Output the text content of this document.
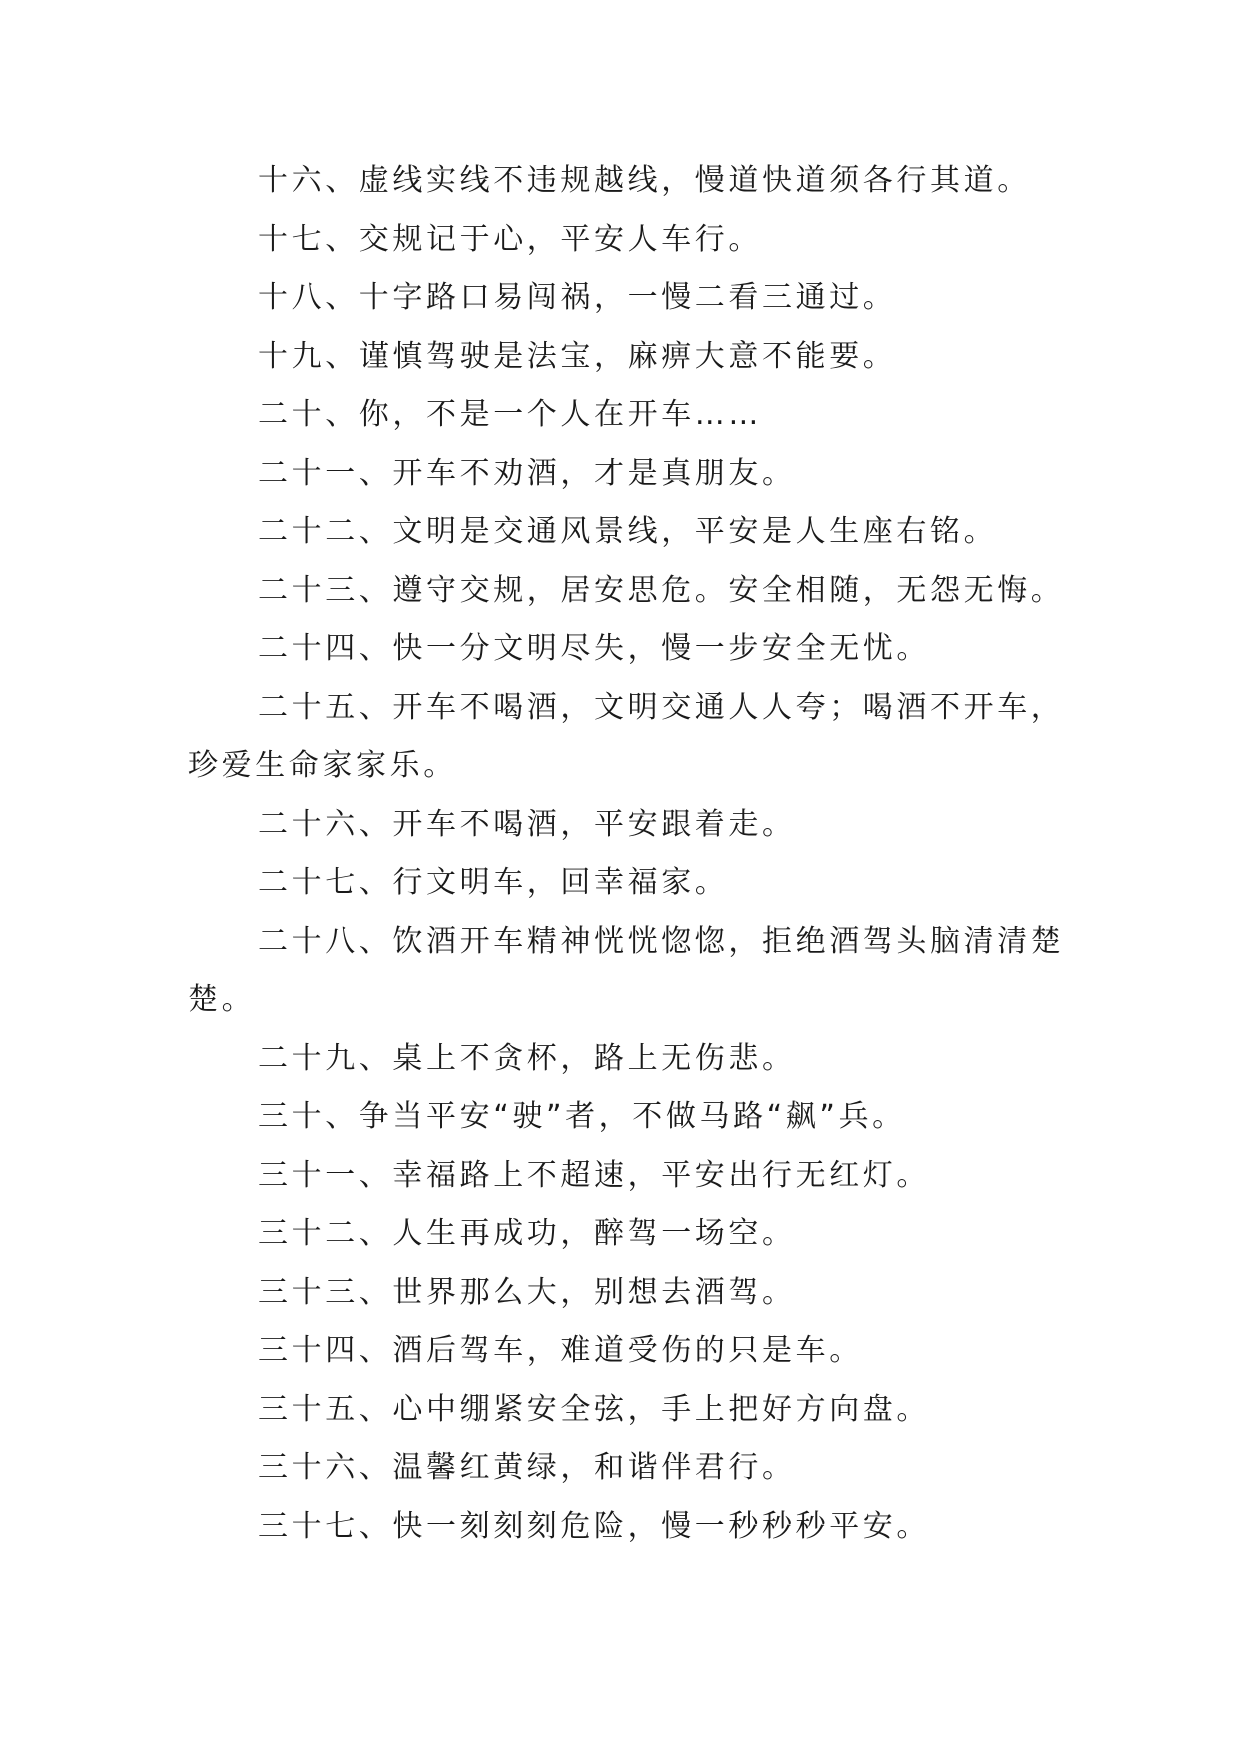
十六、虚线实线不违规越线，慢道快道须各行其道。

十七、交规记于心，平安人车行。

十八、十字路口易闯祸，一慢二看三通过。

十九、谨慎驾驶是法宝，麻痹大意不能要。

二十、你，不是一个人在开车……

二十一、开车不劝酒，才是真朋友。

二十二、文明是交通风景线，平安是人生座右铭。

二十三、遵守交规，居安思危。安全相随，无怨无悔。

二十四、快一分文明尽失，慢一步安全无忧。

二十五、开车不喝酒，文明交通人人夸；喝酒不开车，珍爱生命家家乐。

二十六、开车不喝酒，平安跟着走。

二十七、行文明车，回幸福家。

二十八、饮酒开车精神恍恍惚惚，拒绝酒驾头脑清清楚楚。

二十九、桌上不贪杯，路上无伤悲。

三十、争当平安“驶”者，不做马路“飙”兵。

三十一、幸福路上不超速，平安出行无红灯。

三十二、人生再成功，醉驾一场空。

三十三、世界那么大，别想去酒驾。

三十四、酒后驾车，难道受伤的只是车。

三十五、心中绷紧安全弦，手上把好方向盘。

三十六、温馨红黄绿，和谐伴君行。

三十七、快一刻刻刻危险，慢一秒秒秒平安。
